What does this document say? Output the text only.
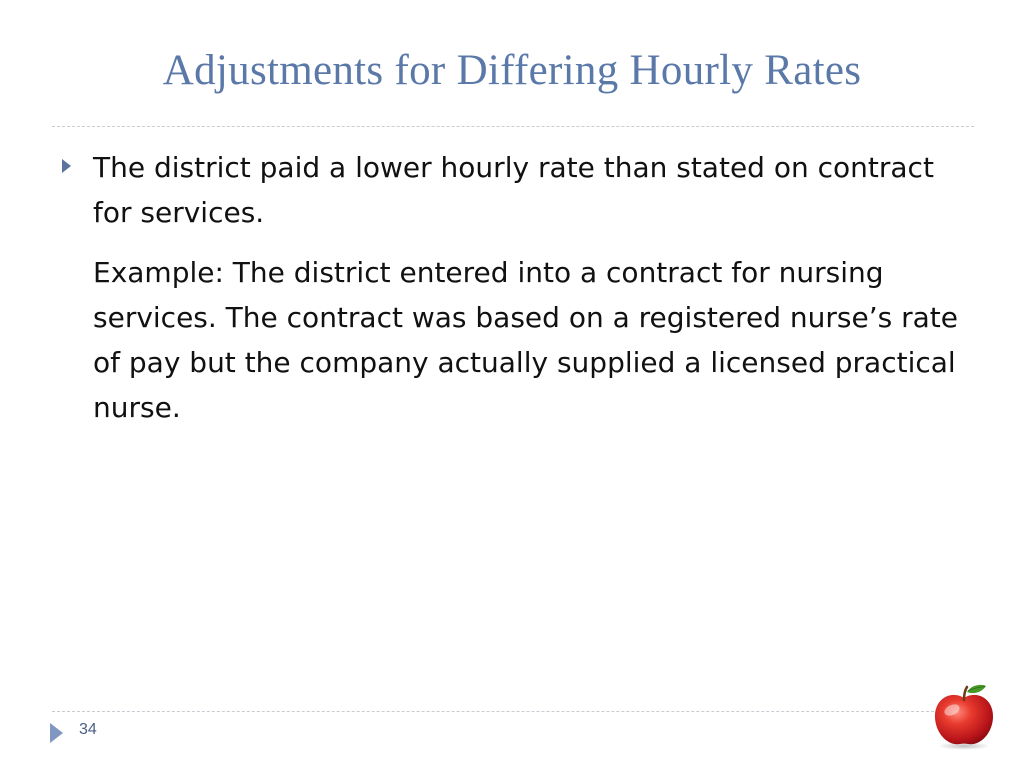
Adjustments for Differing Hourly Rates

The district paid a lower hourly rate than stated on contract for services.

Example: The district entered into a contract for nursing services. The contract was based on a registered nurse’s rate of pay but the company actually supplied a licensed practical nurse.

34
